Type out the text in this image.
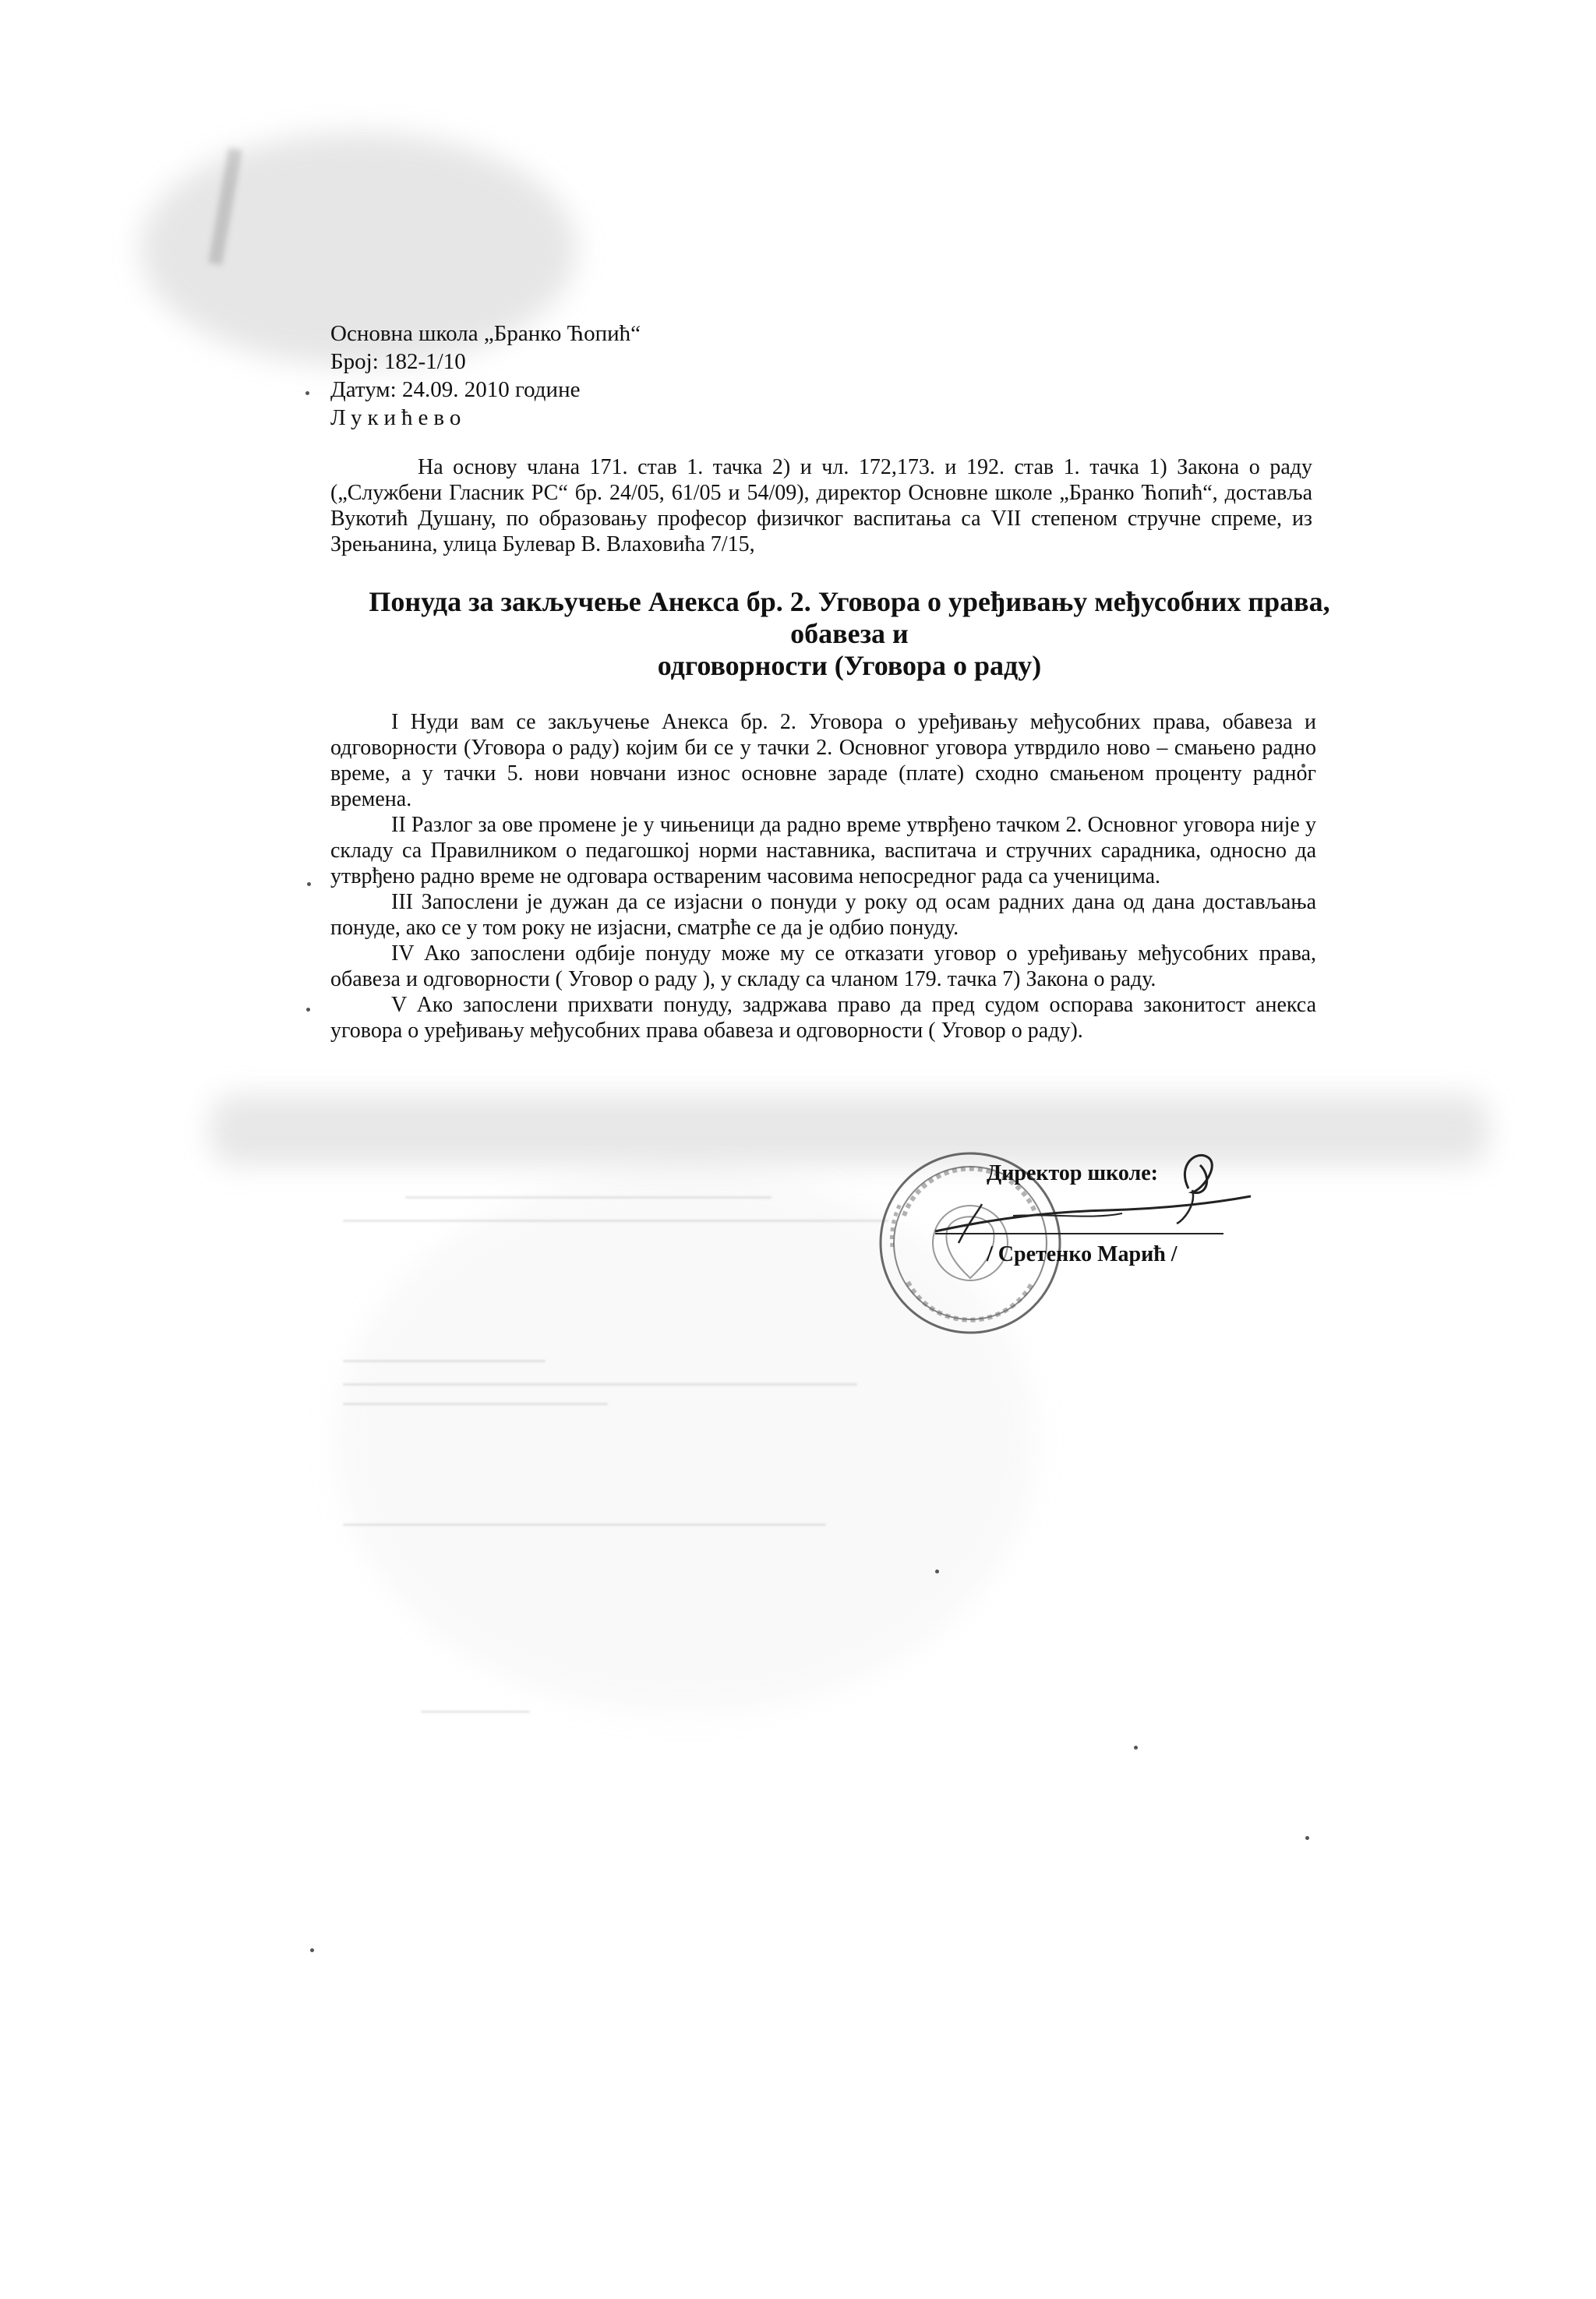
Основна школа „Бранко Ћопић“
Број: 182-1/10
Датум: 24.09. 2010 године
Лукићево
На основу члана 171. став 1. тачка 2) и чл. 172,173. и 192. став 1. тачка 1) Закона о раду („Службени Гласник РС“ бр. 24/05, 61/05 и 54/09), директор Основне школе „Бранко Ћопић“, доставља Вукотић Душану, по образовању професор физичког васпитања са VII степеном стручне спреме, из Зрењанина, улица Булевар В. Влаховића 7/15,
Понуда за закључење Анекса бр. 2. Уговора о уређивању међусобних права,
обавеза и
одговорности (Уговора о раду)

I Нуди вам се закључење Анекса бр. 2. Уговора о уређивању међусобних права, обавеза и одговорности (Уговора о раду) којим би се у тачки 2. Основног уговора утврдило ново – смањено радно време, а у тачки 5. нови новчани износ основне зараде (плате) сходно смањеном проценту радног времена.

II Разлог за ове промене је у чињеници да радно време утврђено тачком 2. Основног уговора није у складу са Правилником о педагошкој норми наставника, васпитача и стручних сарадника, односно да утврђено радно време не одговара оствареним часовима непосредног рада са ученицима.

III Запослени је дужан да се изјасни о понуди у року од осам радних дана од дана достављања понуде, ако се у том року не изјасни, сматрће се да је одбио понуду.

IV Ако запослени одбије понуду може му се отказати уговор о уређивању међусобних права, обавеза и одговорности ( Уговор о раду ), у складу са чланом 179. тачка 7) Закона о раду.

V Ако запослени прихвати понуду, задржава право да пред судом оспорава законитост анекса уговора о уређивању међусобних права обавеза и одговорности ( Уговор о раду).

Директор школе:
/ Сретенко Марић /
